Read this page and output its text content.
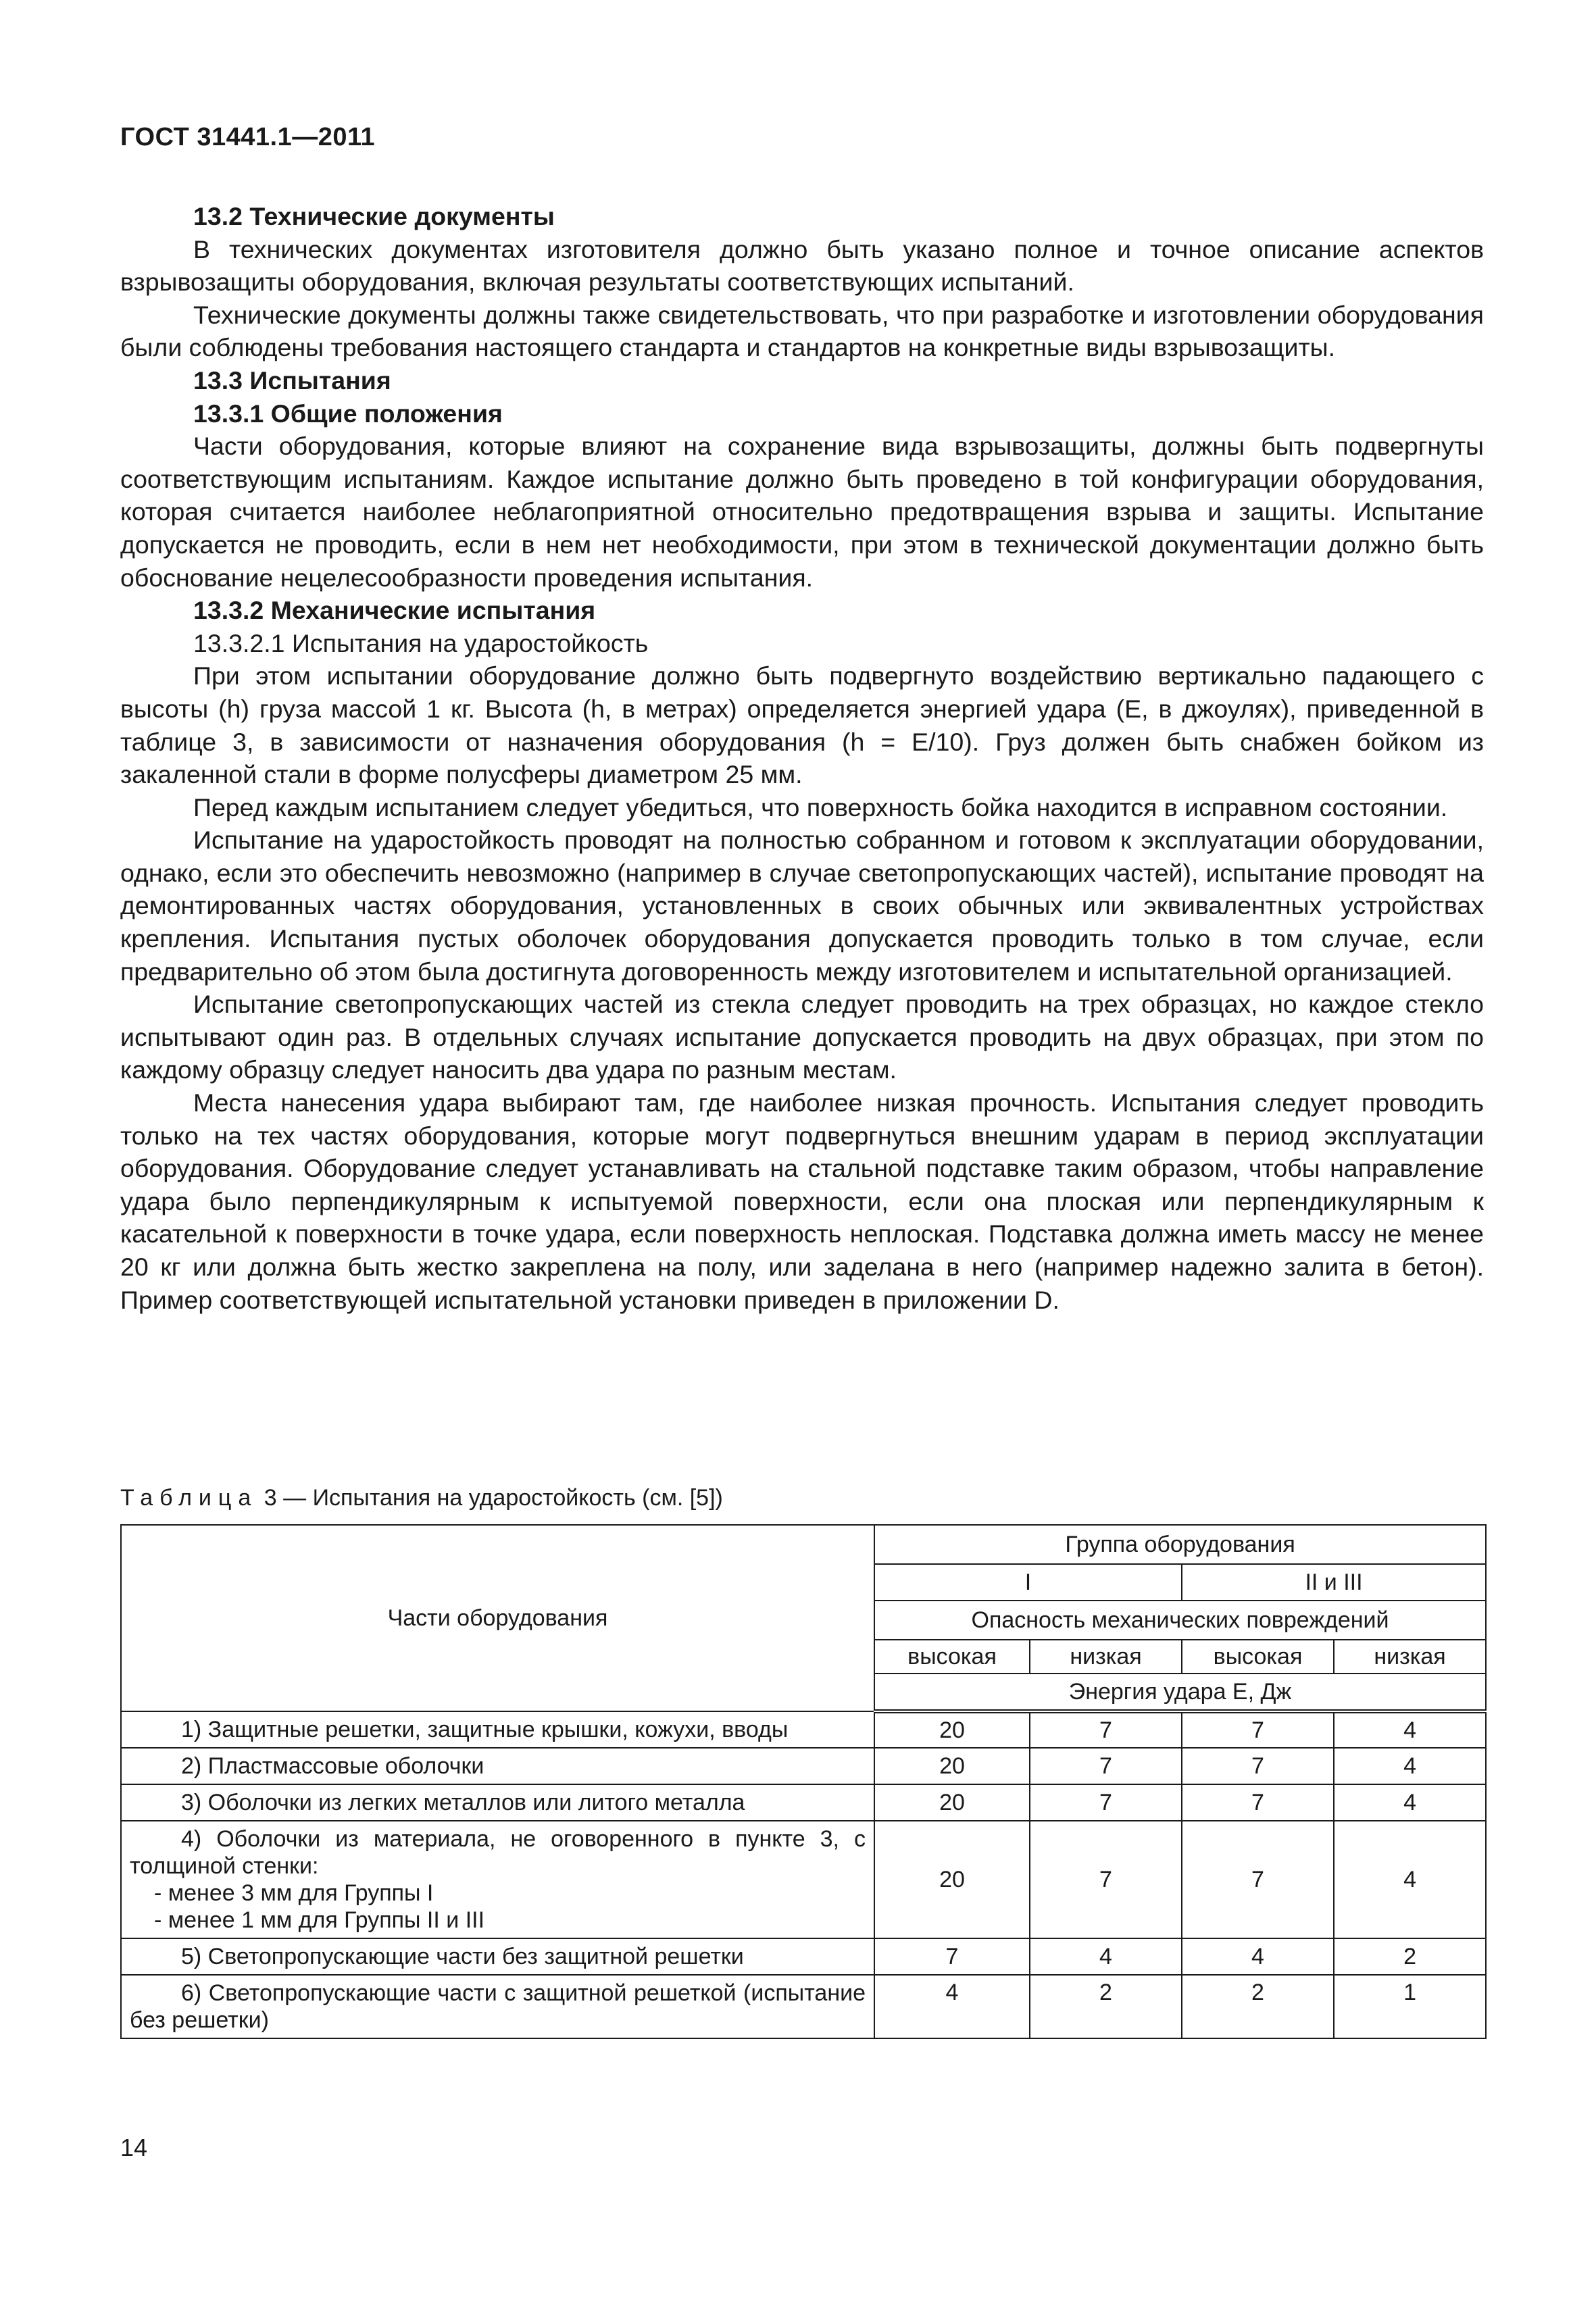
ГОСТ 31441.1—2011
13.2 Технические документы

В технических документах изготовителя должно быть указано полное и точное описание аспектов взрывозащиты оборудования, включая результаты соответствующих испытаний.

Технические документы должны также свидетельствовать, что при разработке и изготовлении оборудования были соблюдены требования настоящего стандарта и стандартов на конкретные виды взрывозащиты.

13.3 Испытания
13.3.1 Общие положения

Части оборудования, которые влияют на сохранение вида взрывозащиты, должны быть подвергнуты соответствующим испытаниям. Каждое испытание должно быть проведено в той конфигурации оборудования, которая считается наиболее неблагоприятной относительно предотвращения взрыва и защиты. Испытание допускается не проводить, если в нем нет необходимости, при этом в технической документации должно быть обоснование нецелесообразности проведения испытания.

13.3.2 Механические испытания
13.3.2.1 Испытания на ударостойкость

При этом испытании оборудование должно быть подвергнуто воздействию вертикально падающего с высоты (h) груза массой 1 кг. Высота (h, в метрах) определяется энергией удара (E, в джоулях), приведенной в таблице 3, в зависимости от назначения оборудования (h = E/10). Груз должен быть снабжен бойком из закаленной стали в форме полусферы диаметром 25 мм.

Перед каждым испытанием следует убедиться, что поверхность бойка находится в исправном состоянии.

Испытание на ударостойкость проводят на полностью собранном и готовом к эксплуатации оборудовании, однако, если это обеспечить невозможно (например в случае светопропускающих частей), испытание проводят на демонтированных частях оборудования, установленных в своих обычных или эквивалентных устройствах крепления. Испытания пустых оболочек оборудования допускается проводить только в том случае, если предварительно об этом была достигнута договоренность между изготовителем и испытательной организацией.

Испытание светопропускающих частей из стекла следует проводить на трех образцах, но каждое стекло испытывают один раз. В отдельных случаях испытание допускается проводить на двух образцах, при этом по каждому образцу следует наносить два удара по разным местам.

Места нанесения удара выбирают там, где наиболее низкая прочность. Испытания следует проводить только на тех частях оборудования, которые могут подвергнуться внешним ударам в период эксплуатации оборудования. Оборудование следует устанавливать на стальной подставке таким образом, чтобы направление удара было перпендикулярным к испытуемой поверхности, если она плоская или перпендикулярным к касательной к поверхности в точке удара, если поверхность неплоская. Подставка должна иметь массу не менее 20 кг или должна быть жестко закреплена на полу, или заделана в него (например надежно залита в бетон). Пример соответствующей испытательной установки приведен в приложении D.

Таблица 3 — Испытания на ударостойкость (см. [5])
Части оборудования	Группа оборудования			
	I		II и III	
	Опасность механических повреждений			
	высокая	низкая	высокая	низкая
	Энергия удара E, Дж			

1) Защитные решетки, защитные крышки, кожухи, вводы	20	7	7	4

2) Пластмассовые оболочки	20	7	7	4

3) Оболочки из легких металлов или литого металла	20	7	7	4

4) Оболочки из материала, не оговоренного в пункте 3, с толщиной стенки:
- менее 3 мм для Группы I
- менее 1 мм для Группы II и III	20	7	7	4

5) Светопропускающие части без защитной решетки	7	4	4	2

6) Светопропускающие части с защитной решеткой (испытание без решетки)	4	2	2	1
14
